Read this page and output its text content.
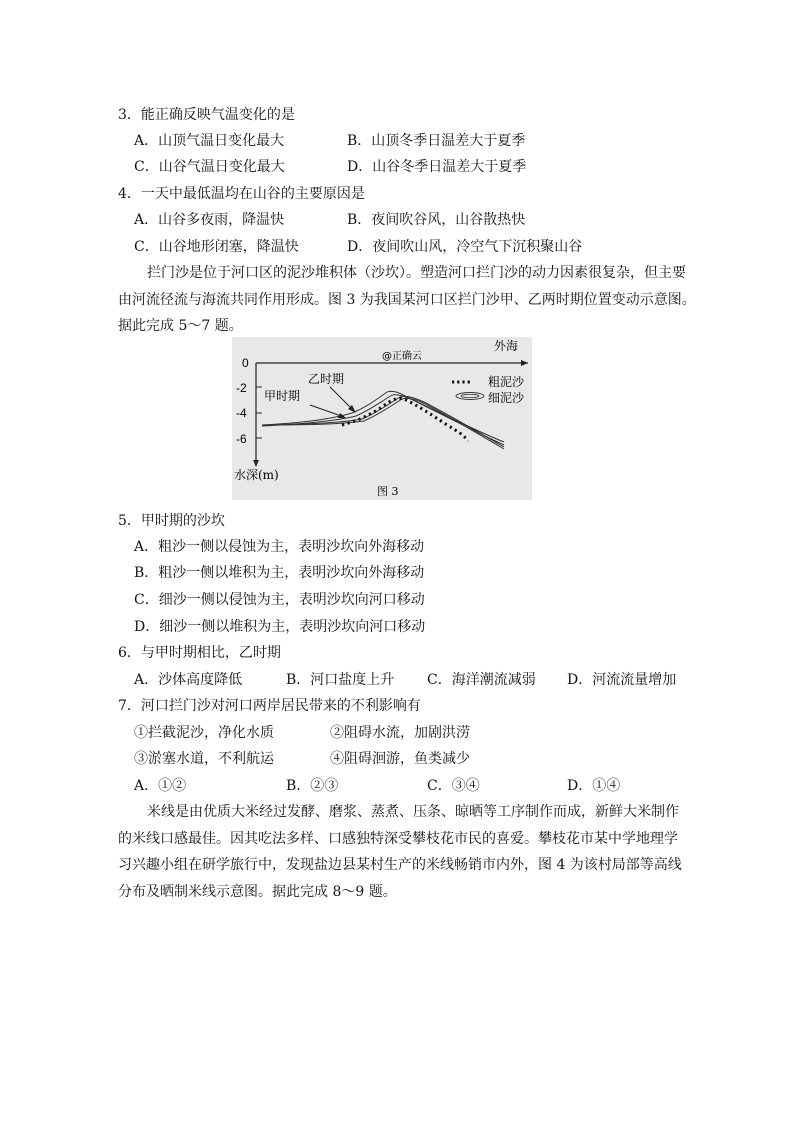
3．能正确反映气温变化的是
A．山顶气温日变化最大	B．山顶冬季日温差大于夏季
C．山谷气温日变化最大	D．山谷冬季日温差大于夏季
4．一天中最低温均在山谷的主要原因是
A．山谷多夜雨，降温快	B．夜间吹谷风，山谷散热快
C．山谷地形闭塞，降温快	D．夜间吹山风，冷空气下沉积聚山谷
拦门沙是位于河口区的泥沙堆积体（沙坎）。塑造河口拦门沙的动力因素很复杂，但主要
由河流径流与海流共同作用形成。图 3 为我国某河口区拦门沙甲、乙两时期位置变动示意图。
据此完成 5～7 题。
0
-2
-4
-6
水深(m)
外海
@正确云
乙时期
甲时期
粗泥沙
细泥沙
图 3
5．甲时期的沙坎
A．粗沙一侧以侵蚀为主，表明沙坎向外海移动
B．粗沙一侧以堆积为主，表明沙坎向外海移动
C．细沙一侧以侵蚀为主，表明沙坎向河口移动
D．细沙一侧以堆积为主，表明沙坎向河口移动
6．与甲时期相比，乙时期
A．沙体高度降低	B．河口盐度上升 C．海洋潮流减弱 D．河流流量增加
7．河口拦门沙对河口两岸居民带来的不利影响有
①拦截泥沙，净化水质	②阻碍水流，加剧洪涝
③淤塞水道，不利航运	④阻碍洄游，鱼类减少
A．①②	B．②③	C．③④	D．①④
米线是由优质大米经过发酵、磨浆、蒸煮、压条、晾晒等工序制作而成，新鲜大米制作
的米线口感最佳。因其吃法多样、口感独特深受攀枝花市民的喜爱。攀枝花市某中学地理学
习兴趣小组在研学旅行中，发现盐边县某村生产的米线畅销市内外，图 4 为该村局部等高线
分布及晒制米线示意图。据此完成 8～9 题。
